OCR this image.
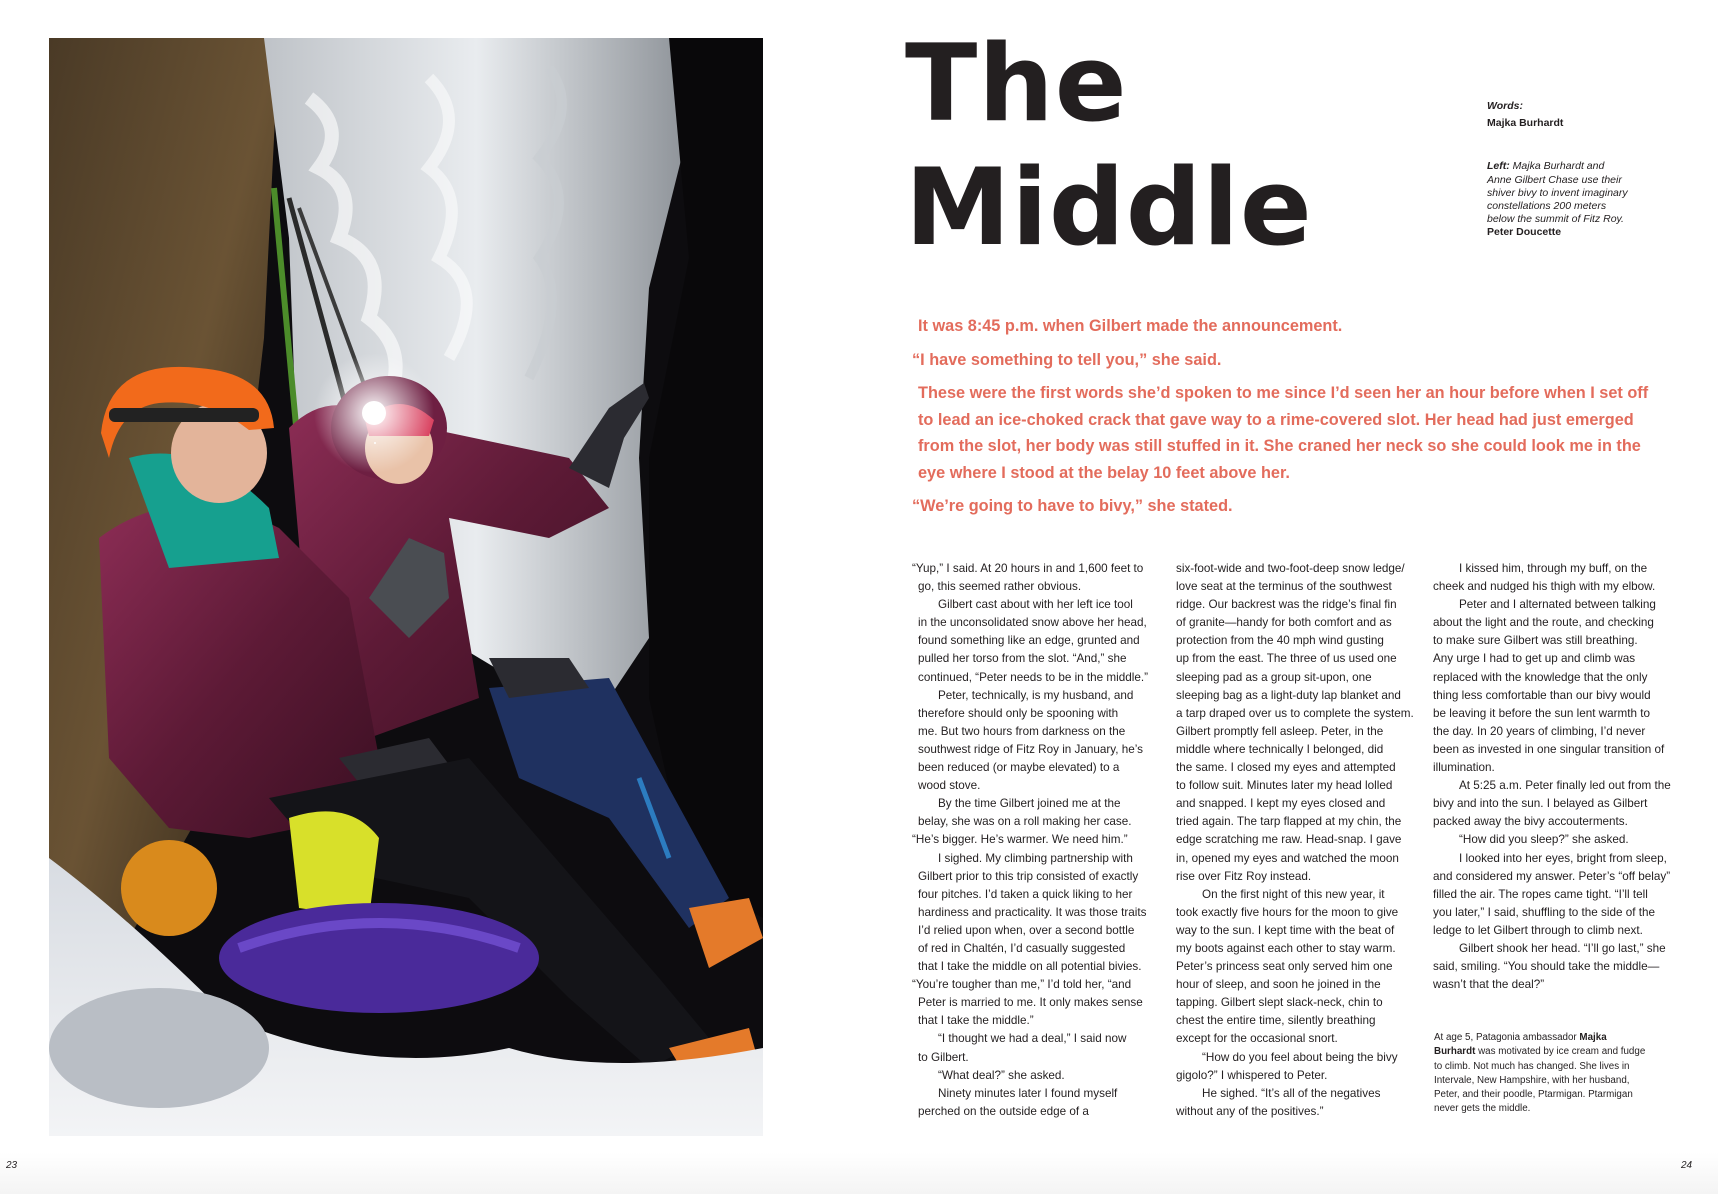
The
Middle
Words:
Majka Burhardt
Left: Majka Burhardt and
Anne Gilbert Chase use their
shiver bivy to invent imaginary
constellations 200 meters
below the summit of Fitz Roy.
Peter Doucette

It was 8:45 p.m. when Gilbert made the announcement.

“I have something to tell you,” she said.

These were the first words she’d spoken to me since I’d seen her an hour before when I set off
to lead an ice-choked crack that gave way to a rime-covered slot. Her head had just emerged
from the slot, her body was still stuffed in it. She craned her neck so she could look me in the
eye where I stood at the belay 10 feet above her.

“We’re going to have to bivy,” she stated.

“Yup,” I said. At 20 hours in and 1,600 feet to
go, this seemed rather obvious.
Gilbert cast about with her left ice tool
in the unconsolidated snow above her head,
found something like an edge, grunted and
pulled her torso from the slot. “And,” she
continued, “Peter needs to be in the middle.”
Peter, technically, is my husband, and
therefore should only be spooning with
me. But two hours from darkness on the
southwest ridge of Fitz Roy in January, he’s
been reduced (or maybe elevated) to a
wood stove.
By the time Gilbert joined me at the
belay, she was on a roll making her case.
“He’s bigger. He’s warmer. We need him.”
I sighed. My climbing partnership with
Gilbert prior to this trip consisted of exactly
four pitches. I’d taken a quick liking to her
hardiness and practicality. It was those traits
I’d relied upon when, over a second bottle
of red in Chaltén, I’d casually suggested
that I take the middle on all potential bivies.
“You’re tougher than me,” I’d told her, “and
Peter is married to me. It only makes sense
that I take the middle.”
“I thought we had a deal,” I said now
to Gilbert.
“What deal?” she asked.
Ninety minutes later I found myself
perched on the outside edge of a
six-foot-wide and two-foot-deep snow ledge/
love seat at the terminus of the southwest
ridge. Our backrest was the ridge’s final fin
of granite—handy for both comfort and as
protection from the 40 mph wind gusting
up from the east. The three of us used one
sleeping pad as a group sit-upon, one
sleeping bag as a light-duty lap blanket and
a tarp draped over us to complete the system.
Gilbert promptly fell asleep. Peter, in the
middle where technically I belonged, did
the same. I closed my eyes and attempted
to follow suit. Minutes later my head lolled
and snapped. I kept my eyes closed and
tried again. The tarp flapped at my chin, the
edge scratching me raw. Head-snap. I gave
in, opened my eyes and watched the moon
rise over Fitz Roy instead.
On the first night of this new year, it
took exactly five hours for the moon to give
way to the sun. I kept time with the beat of
my boots against each other to stay warm.
Peter’s princess seat only served him one
hour of sleep, and soon he joined in the
tapping. Gilbert slept slack-neck, chin to
chest the entire time, silently breathing
except for the occasional snort.
“How do you feel about being the bivy
gigolo?” I whispered to Peter.
He sighed. “It’s all of the negatives
without any of the positives.”
I kissed him, through my buff, on the
cheek and nudged his thigh with my elbow.
Peter and I alternated between talking
about the light and the route, and checking
to make sure Gilbert was still breathing.
Any urge I had to get up and climb was
replaced with the knowledge that the only
thing less comfortable than our bivy would
be leaving it before the sun lent warmth to
the day. In 20 years of climbing, I’d never
been as invested in one singular transition of
illumination.
At 5:25 a.m. Peter finally led out from the
bivy and into the sun. I belayed as Gilbert
packed away the bivy accouterments.
“How did you sleep?” she asked.
I looked into her eyes, bright from sleep,
and considered my answer. Peter’s “off belay”
filled the air. The ropes came tight. “I’ll tell
you later,” I said, shuffling to the side of the
ledge to let Gilbert through to climb next.
Gilbert shook her head. “I’ll go last,” she
said, smiling. “You should take the middle—
wasn’t that the deal?”
At age 5, Patagonia ambassador Majka
Burhardt was motivated by ice cream and fudge
to climb. Not much has changed. She lives in
Intervale, New Hampshire, with her husband,
Peter, and their poodle, Ptarmigan. Ptarmigan
never gets the middle.
23	24
